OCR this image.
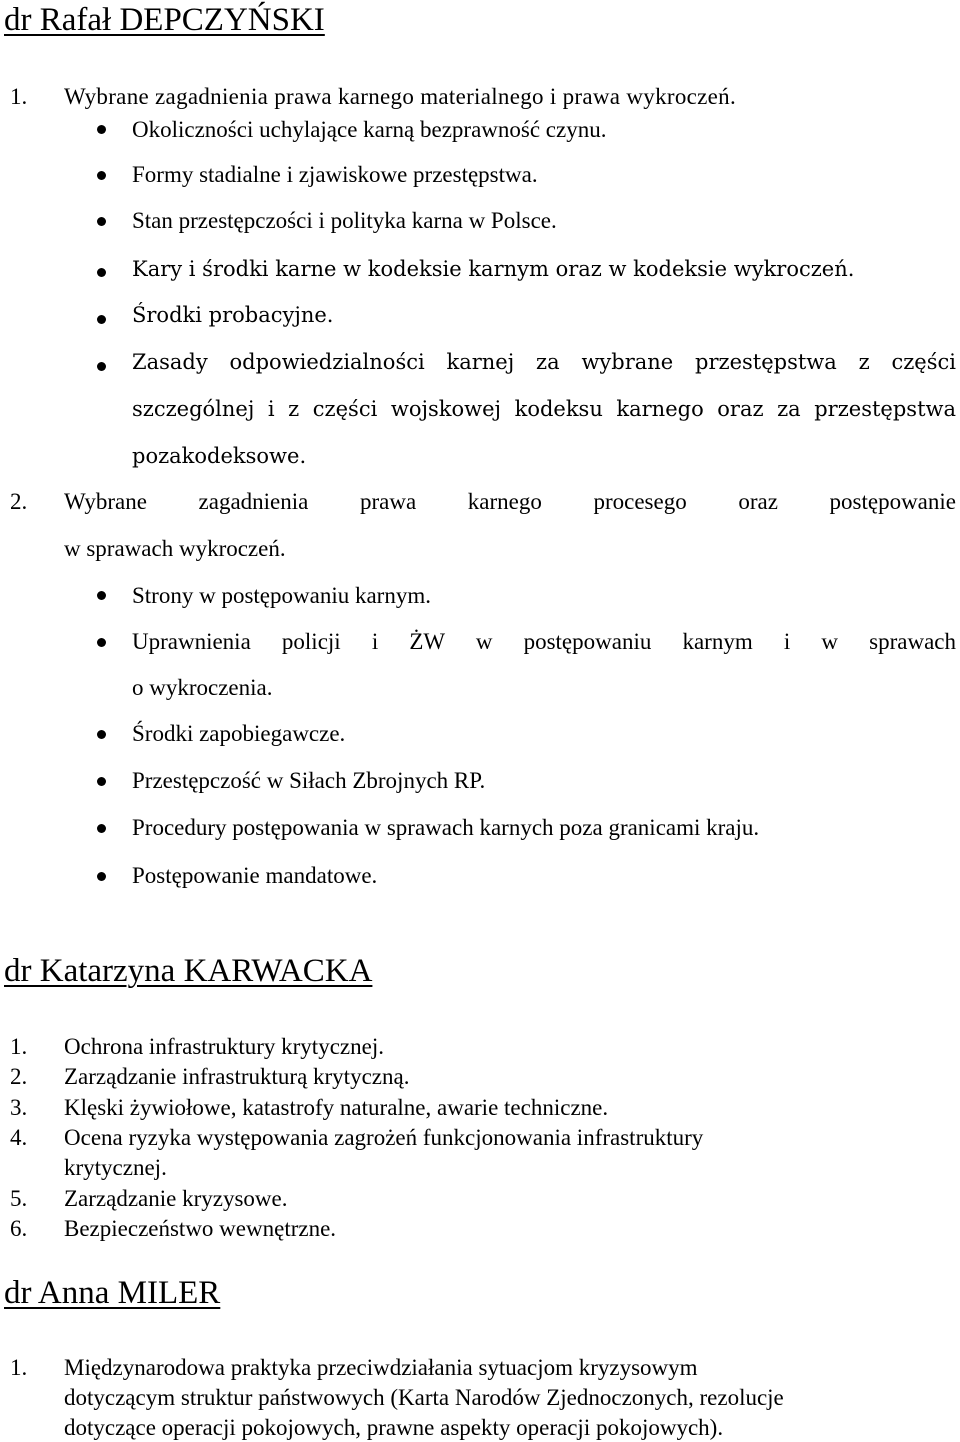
dr Rafał DEPCZYŃSKI
1. Wybrane zagadnienia prawa karnego materialnego i prawa wykroczeń.
Okoliczności uchylające karną bezprawność czynu.
Formy stadialne i zjawiskowe przestępstwa.
Stan przestępczości i polityka karna w Polsce.
Kary i środki karne w kodeksie karnym oraz w kodeksie wykroczeń.
Środki probacyjne.
Zasady odpowiedzialności karnej za wybrane przestępstwa z części
szczególnej i z części wojskowej kodeksu karnego oraz za przestępstwa
pozakodeksowe.
2. Wybrane zagadnienia prawa karnego procesego oraz postępowanie
w sprawach wykroczeń.
Strony w postępowaniu karnym.
Uprawnienia policji i ŻW w postępowaniu karnym i w sprawach
o wykroczenia.
Środki zapobiegawcze.
Przestępczość w Siłach Zbrojnych RP.
Procedury postępowania w sprawach karnych poza granicami kraju.
Postępowanie mandatowe.
dr Katarzyna KARWACKA
1. Ochrona infrastruktury krytycznej.
2. Zarządzanie infrastrukturą krytyczną.
3. Klęski żywiołowe, katastrofy naturalne, awarie techniczne.
4. Ocena ryzyka występowania zagrożeń funkcjonowania infrastruktury
krytycznej.
5. Zarządzanie kryzysowe.
6. Bezpieczeństwo wewnętrzne.
dr Anna MILER
1. Międzynarodowa praktyka przeciwdziałania sytuacjom kryzysowym
dotyczącym struktur państwowych (Karta Narodów Zjednoczonych, rezolucje
dotyczące operacji pokojowych, prawne aspekty operacji pokojowych).
